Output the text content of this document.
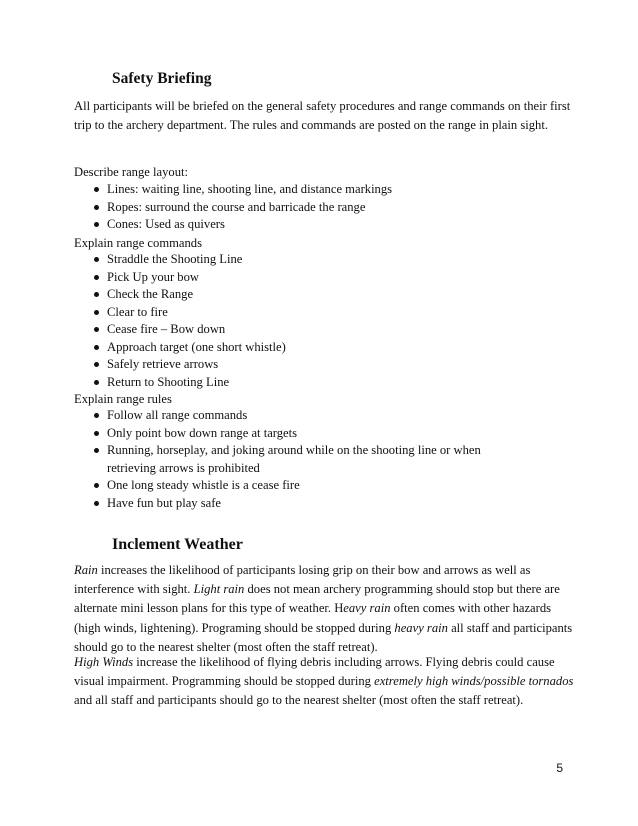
Safety Briefing

All participants will be briefed on the general safety procedures and range commands on their first trip to the archery department. The rules and commands are posted on the range in plain sight.

Describe range layout:
Lines: waiting line, shooting line, and distance markings
Ropes: surround the course and barricade the range
Cones: Used as quivers
Explain range commands
Straddle the Shooting Line
Pick Up your bow
Check the Range
Clear to fire
Cease fire – Bow down
Approach target (one short whistle)
Safely retrieve arrows
Return to Shooting Line
Explain range rules
Follow all range commands
Only point bow down range at targets
Running, horseplay, and joking around while on the shooting line or when retrieving arrows is prohibited
One long steady whistle is a cease fire
Have fun but play safe
Inclement Weather

Rain increases the likelihood of participants losing grip on their bow and arrows as well as interference with sight. Light rain does not mean archery programming should stop but there are alternate mini lesson plans for this type of weather. Heavy rain often comes with other hazards (high winds, lightening). Programing should be stopped during heavy rain all staff and participants should go to the nearest shelter (most often the staff retreat).

High Winds increase the likelihood of flying debris including arrows. Flying debris could cause visual impairment. Programming should be stopped during extremely high winds/possible tornados and all staff and participants should go to the nearest shelter (most often the staff retreat).

5
